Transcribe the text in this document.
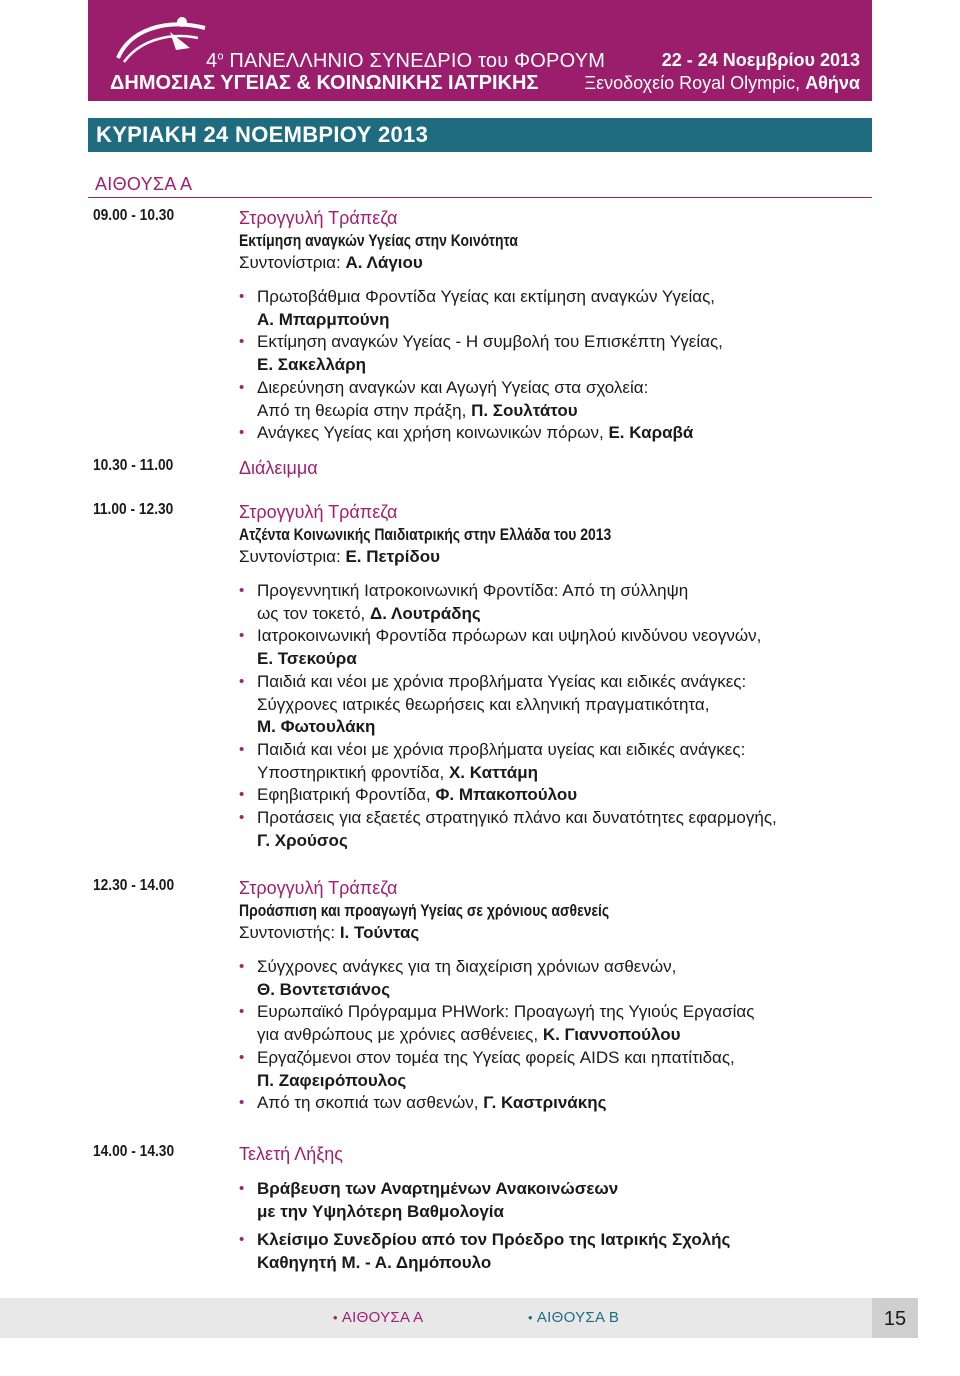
$4^o$ ΠΑΝΕΛΛΗΝΙΟ ΣΥΝΕΔΡΙΟ του ΦΟΡΟΥΜ
ΔΗΜΟΣΙΑΣ ΥΓΕΙΑΣ & ΚΟΙΝΩΝΙΚΗΣ ΙΑΤΡΙΚΗΣ
22 - 24 Νοεμβρίου 2013
Ξενοδοχείο Royal Olympic, Αθήνα
ΚΥΡΙΑΚΗ 24 ΝΟΕΜΒΡΙΟΥ 2013
ΑΙΘΟΥΣΑ Α
09.00 - 10.30	Στρογγυλή Τράπεζα
Εκτίμηση αναγκών Υγείας στην Κοινότητα
Συντονίστρια: Α. Λάγιου
• Πρωτοβάθμια Φροντίδα Υγείας και εκτίμηση αναγκών Υγείας,
Α. Μπαρμπούνη
• Εκτίμηση αναγκών Υγείας - Η συμβολή του Επισκέπτη Υγείας,
Ε. Σακελλάρη
• Διερεύνηση αναγκών και Αγωγή Υγείας στα σχολεία:
Από τη θεωρία στην πράξη, Π. Σουλτάτου
• Ανάγκες Υγείας και χρήση κοινωνικών πόρων, Ε. Καραβά
10.30 - 11.00	Διάλειμμα
11.00 - 12.30	Στρογγυλή Τράπεζα
Ατζέντα Κοινωνικής Παιδιατρικής στην Ελλάδα του 2013
Συντονίστρια: Ε. Πετρίδου
• Προγεννητική Ιατροκοινωνική Φροντίδα: Από τη σύλληψη
ως τον τοκετό, Δ. Λουτράδης
• Ιατροκοινωνική Φροντίδα πρόωρων και υψηλού κινδύνου νεογνών,
Ε. Τσεκούρα
• Παιδιά και νέοι με χρόνια προβλήματα Υγείας και ειδικές ανάγκες:
Σύγχρονες ιατρικές θεωρήσεις και ελληνική πραγματικότητα,
Μ. Φωτουλάκη
• Παιδιά και νέοι με χρόνια προβλήματα υγείας και ειδικές ανάγκες:
Υποστηρικτική φροντίδα, Χ. Καττάμη
• Εφηβιατρική Φροντίδα, Φ. Μπακοπούλου
• Προτάσεις για εξαετές στρατηγικό πλάνο και δυνατότητες εφαρμογής,
Γ. Χρούσος
12.30 - 14.00	Στρογγυλή Τράπεζα
Προάσπιση και προαγωγή Υγείας σε χρόνιους ασθενείς
Συντονιστής: Ι. Τούντας
• Σύγχρονες ανάγκες για τη διαχείριση χρόνιων ασθενών,
Θ. Βοντετσιάνος
• Ευρωπαϊκό Πρόγραμμα PHWork: Προαγωγή της Υγιούς Εργασίας
για ανθρώπους με χρόνιες ασθένειες, Κ. Γιαννοπούλου
• Εργαζόμενοι στον τομέα της Υγείας φορείς AIDS και ηπατίτιδας,
Π. Ζαφειρόπουλος
• Από τη σκοπιά των ασθενών, Γ. Καστρινάκης
14.00 - 14.30	Τελετή Λήξης
• Βράβευση των Αναρτημένων Ανακοινώσεων
με την Υψηλότερη Βαθμολογία
• Κλείσιμο Συνεδρίου από τον Πρόεδρο της Ιατρικής Σχολής
Καθηγητή Μ. - Α. Δημόπουλο
• ΑΙΘΟΥΣΑ Α	• ΑΙΘΟΥΣΑ Β	15
